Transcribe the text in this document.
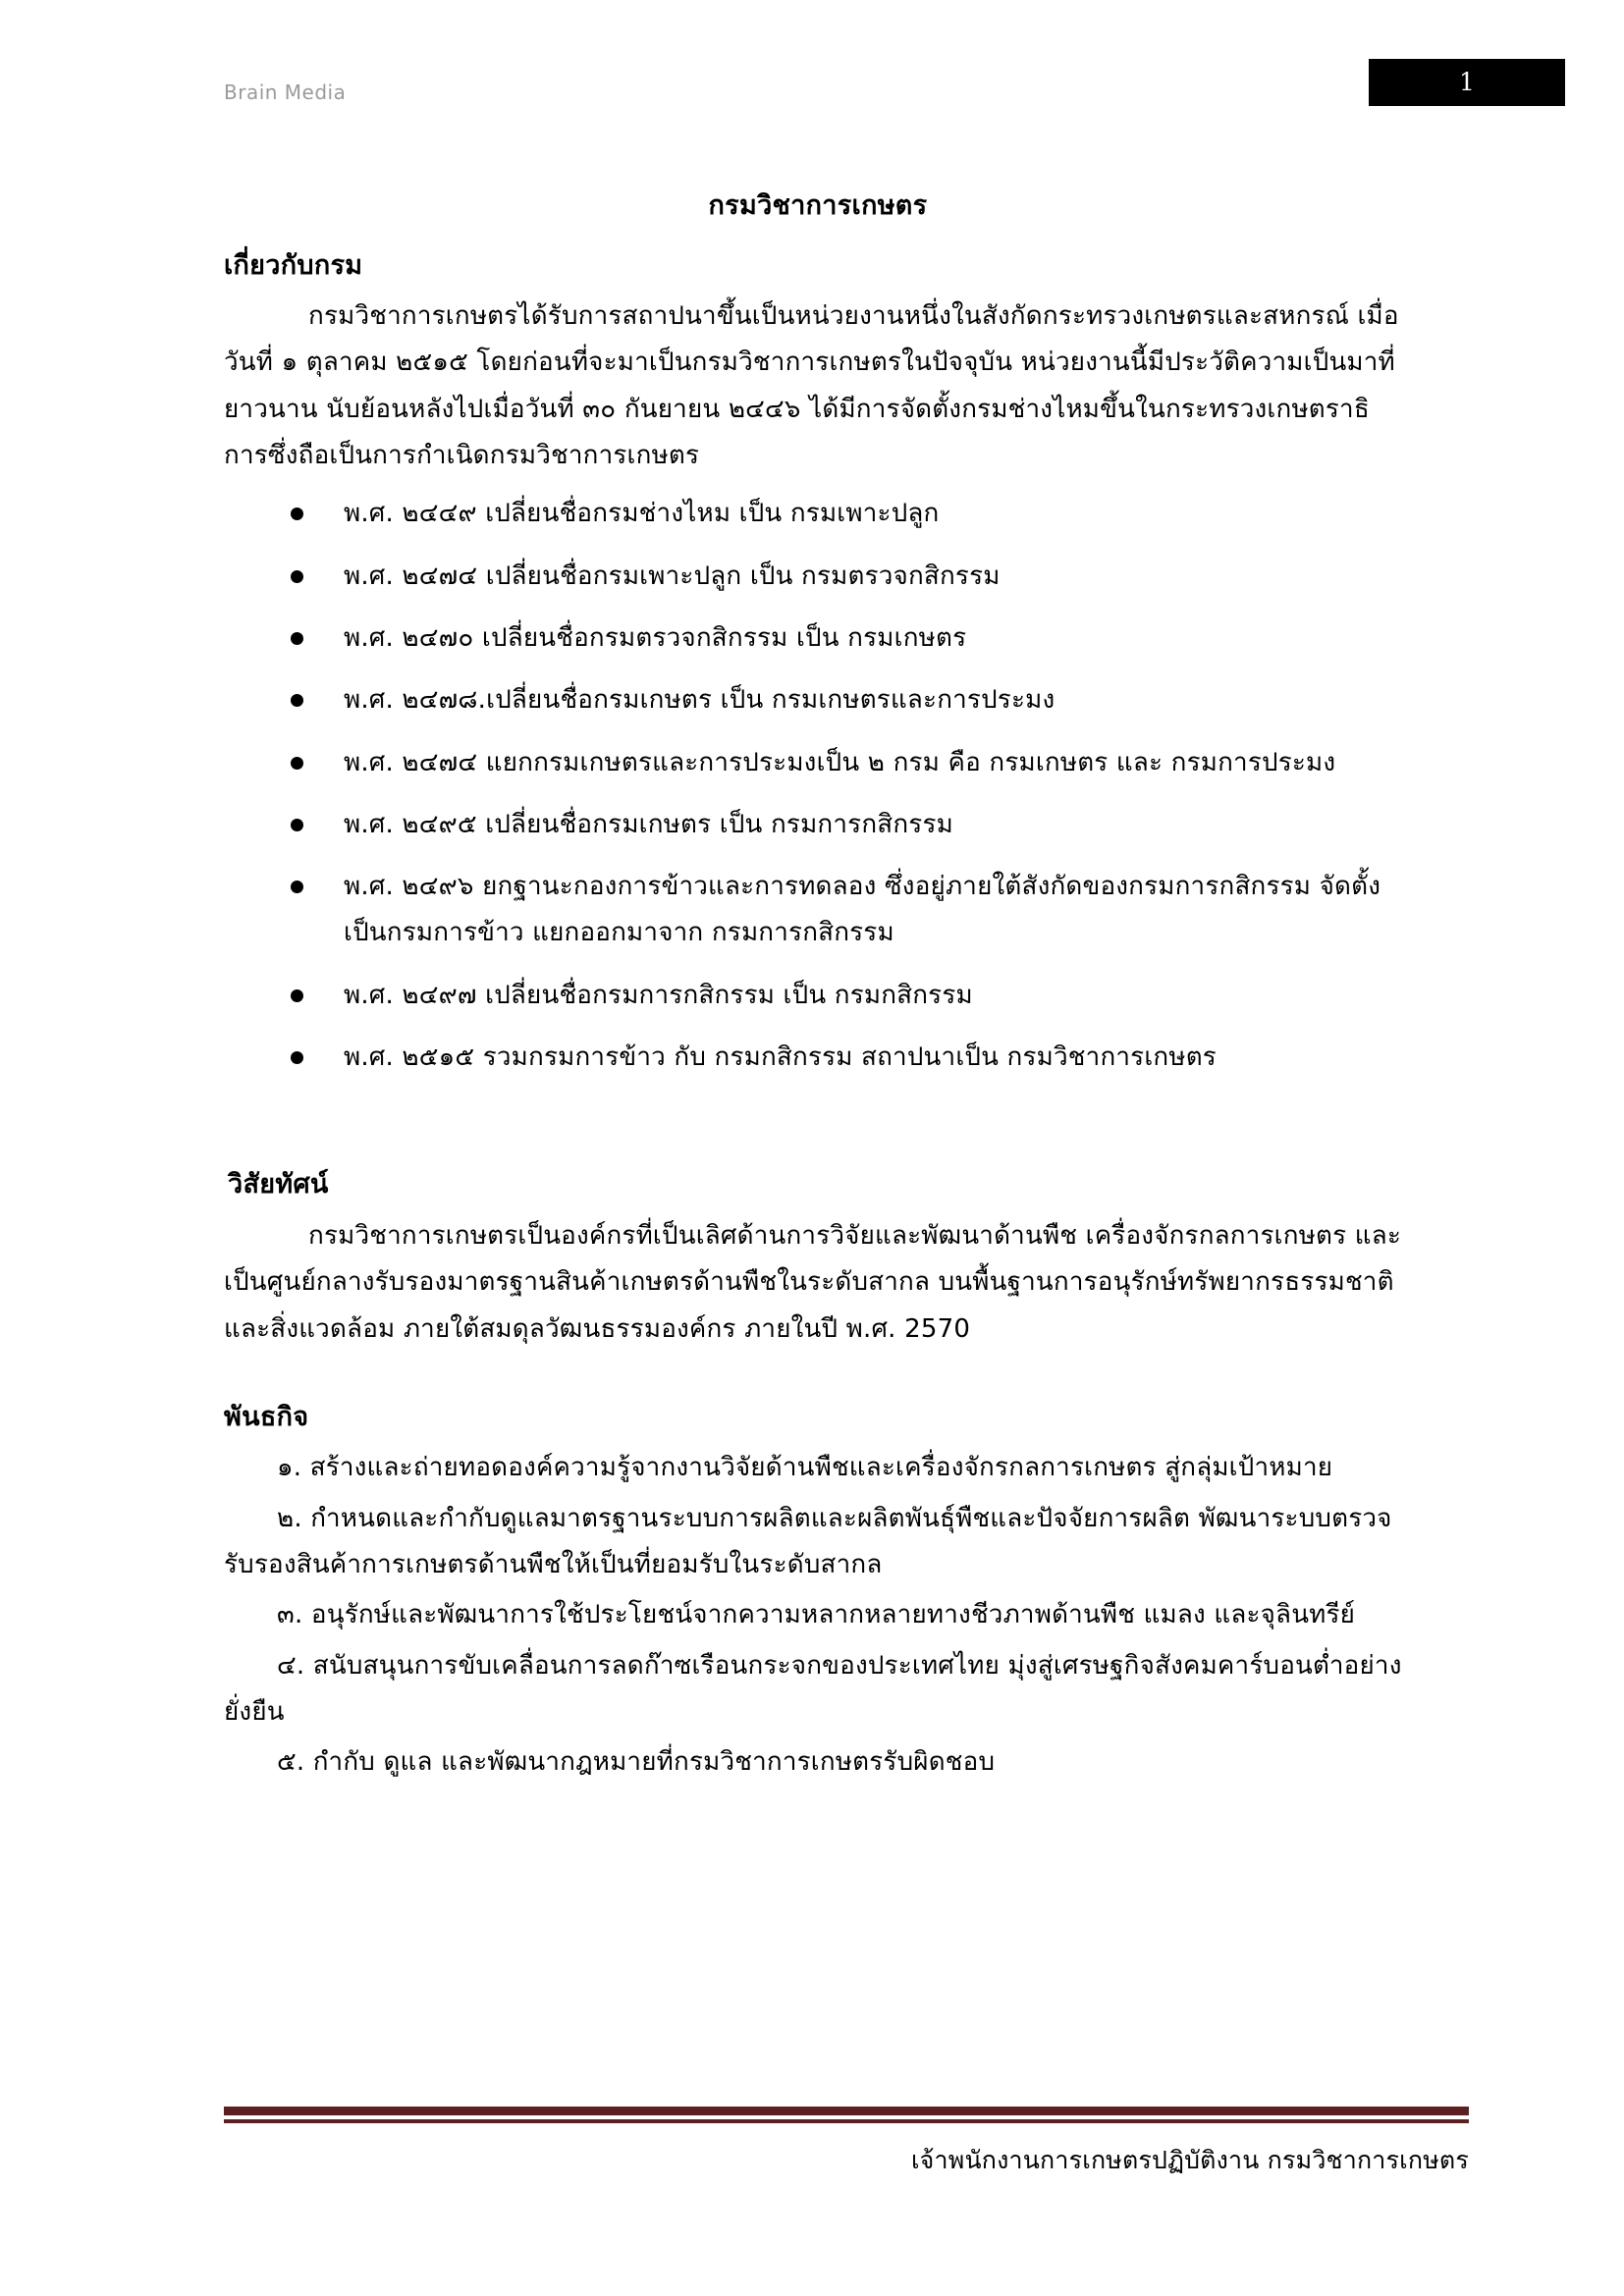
Brain Media	1
กรมวิชาการเกษตร
เกี่ยวกับกรม

กรมวิชาการเกษตรได้รับการสถาปนาขึ้นเป็นหน่วยงานหนึ่งในสังกัดกระทรวงเกษตรและสหกรณ์ เมื่อวันที่ ๑ ตุลาคม ๒๕๑๕ โดยก่อนที่จะมาเป็นกรมวิชาการเกษตรในปัจจุบัน หน่วยงานนี้มีประวัติความเป็นมาที่ยาวนาน นับย้อนหลังไปเมื่อวันที่ ๓๐ กันยายน ๒๔๔๖ ได้มีการจัดตั้งกรมช่างไหมขึ้นในกระทรวงเกษตราธิการซึ่งถือเป็นการกำเนิดกรมวิชาการเกษตร

พ.ศ. ๒๔๔๙ เปลี่ยนชื่อกรมช่างไหม เป็น กรมเพาะปลูก
พ.ศ. ๒๔๗๔ เปลี่ยนชื่อกรมเพาะปลูก เป็น กรมตรวจกสิกรรม
พ.ศ. ๒๔๗๐ เปลี่ยนชื่อกรมตรวจกสิกรรม เป็น กรมเกษตร
พ.ศ. ๒๔๗๘.เปลี่ยนชื่อกรมเกษตร เป็น กรมเกษตรและการประมง
พ.ศ. ๒๔๗๔ แยกกรมเกษตรและการประมงเป็น ๒ กรม คือ กรมเกษตร และ กรมการประมง
พ.ศ. ๒๔๙๕ เปลี่ยนชื่อกรมเกษตร เป็น กรมการกสิกรรม
พ.ศ. ๒๔๙๖ ยกฐานะกองการข้าวและการทดลอง ซึ่งอยู่ภายใต้สังกัดของกรมการกสิกรรม จัดตั้งเป็นกรมการข้าว แยกออกมาจาก กรมการกสิกรรม
พ.ศ. ๒๔๙๗ เปลี่ยนชื่อกรมการกสิกรรม เป็น กรมกสิกรรม
พ.ศ. ๒๕๑๕ รวมกรมการข้าว กับ กรมกสิกรรม สถาปนาเป็น กรมวิชาการเกษตร
วิสัยทัศน์

กรมวิชาการเกษตรเป็นองค์กรที่เป็นเลิศด้านการวิจัยและพัฒนาด้านพืช เครื่องจักรกลการเกษตร และเป็นศูนย์กลางรับรองมาตรฐานสินค้าเกษตรด้านพืชในระดับสากล บนพื้นฐานการอนุรักษ์ทรัพยากรธรรมชาติและสิ่งแวดล้อม ภายใต้สมดุลวัฒนธรรมองค์กร ภายในปี พ.ศ. 2570

พันธกิจ
๑. สร้างและถ่ายทอดองค์ความรู้จากงานวิจัยด้านพืชและเครื่องจักรกลการเกษตร สู่กลุ่มเป้าหมาย
๒. กำหนดและกำกับดูแลมาตรฐานระบบการผลิตและผลิตพันธุ์พืชและปัจจัยการผลิต พัฒนาระบบตรวจรับรองสินค้าการเกษตรด้านพืชให้เป็นที่ยอมรับในระดับสากล
๓. อนุรักษ์และพัฒนาการใช้ประโยชน์จากความหลากหลายทางชีวภาพด้านพืช แมลง และจุลินทรีย์
๔. สนับสนุนการขับเคลื่อนการลดก๊าซเรือนกระจกของประเทศไทย มุ่งสู่เศรษฐกิจสังคมคาร์บอนต่ำอย่างยั่งยืน
๕. กำกับ ดูแล และพัฒนากฎหมายที่กรมวิชาการเกษตรรับผิดชอบ
เจ้าพนักงานการเกษตรปฏิบัติงาน กรมวิชาการเกษตร
